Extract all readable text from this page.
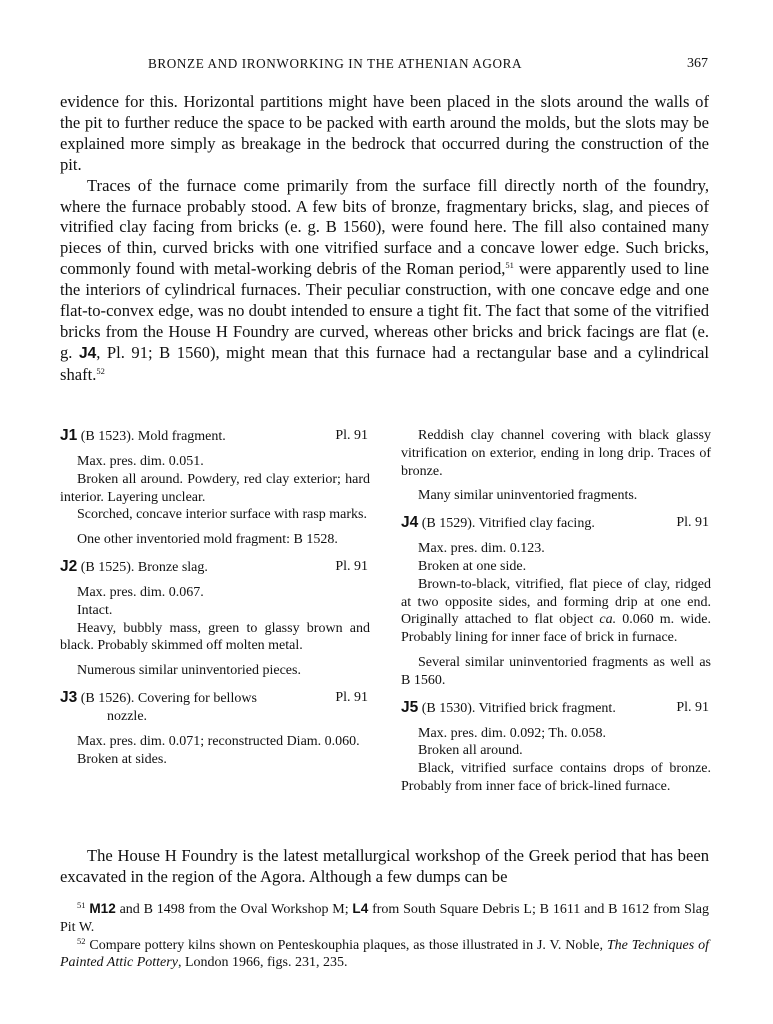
BRONZE AND IRONWORKING IN THE ATHENIAN AGORA	367

evidence for this. Horizontal partitions might have been placed in the slots around the walls of the pit to further reduce the space to be packed with earth around the molds, but the slots may be explained more simply as breakage in the bedrock that occurred during the construction of the pit.

Traces of the furnace come primarily from the surface fill directly north of the foundry, where the furnace probably stood. A few bits of bronze, fragmentary bricks, slag, and pieces of vitrified clay facing from bricks (e. g. B 1560), were found here. The fill also contained many pieces of thin, curved bricks with one vitrified surface and a concave lower edge. Such bricks, commonly found with metal-working debris of the Roman period,$^{51}$ were apparently used to line the interiors of cylindrical furnaces. Their peculiar construction, with one concave edge and one flat-to-convex edge, was no doubt intended to ensure a tight fit. The fact that some of the vitrified bricks from the House H Foundry are curved, whereas other bricks and brick facings are flat (e. g. J4, Pl. 91; B 1560), might mean that this furnace had a rectangular base and a cylindrical shaft.$^{52}$

J1 (B 1523). Mold fragment.	Pl. 91

Max. pres. dim. 0.051.

Broken all around. Powdery, red clay exterior; hard interior. Layering unclear.

Scorched, concave interior surface with rasp marks.

One other inventoried mold fragment: B 1528.

J2 (B 1525). Bronze slag.	Pl. 91

Max. pres. dim. 0.067.

Intact.

Heavy, bubbly mass, green to glassy brown and black. Probably skimmed off molten metal.

Numerous similar uninventoried pieces.

J3 (B 1526). Covering for bellows	Pl. 91
nozzle.

Max. pres. dim. 0.071; reconstructed Diam. 0.060.

Broken at sides.

Reddish clay channel covering with black glassy vitrification on exterior, ending in long drip. Traces of bronze.

Many similar uninventoried fragments.

J4 (B 1529). Vitrified clay facing.	Pl. 91

Max. pres. dim. 0.123.

Broken at one side.

Brown-to-black, vitrified, flat piece of clay, ridged at two opposite sides, and forming drip at one end. Originally attached to flat object ca. 0.060 m. wide. Probably lining for inner face of brick in furnace.

Several similar uninventoried fragments as well as B 1560.

J5 (B 1530). Vitrified brick fragment.	Pl. 91

Max. pres. dim. 0.092; Th. 0.058.

Broken all around.

Black, vitrified surface contains drops of bronze. Probably from inner face of brick-lined furnace.

The House H Foundry is the latest metallurgical workshop of the Greek period that has been excavated in the region of the Agora. Although a few dumps can be

$^{51}$ M12 and B 1498 from the Oval Workshop M; L4 from South Square Debris L; B 1611 and B 1612 from Slag Pit W.

$^{52}$ Compare pottery kilns shown on Penteskouphia plaques, as those illustrated in J. V. Noble, The Techniques of Painted Attic Pottery, London 1966, figs. 231, 235.
